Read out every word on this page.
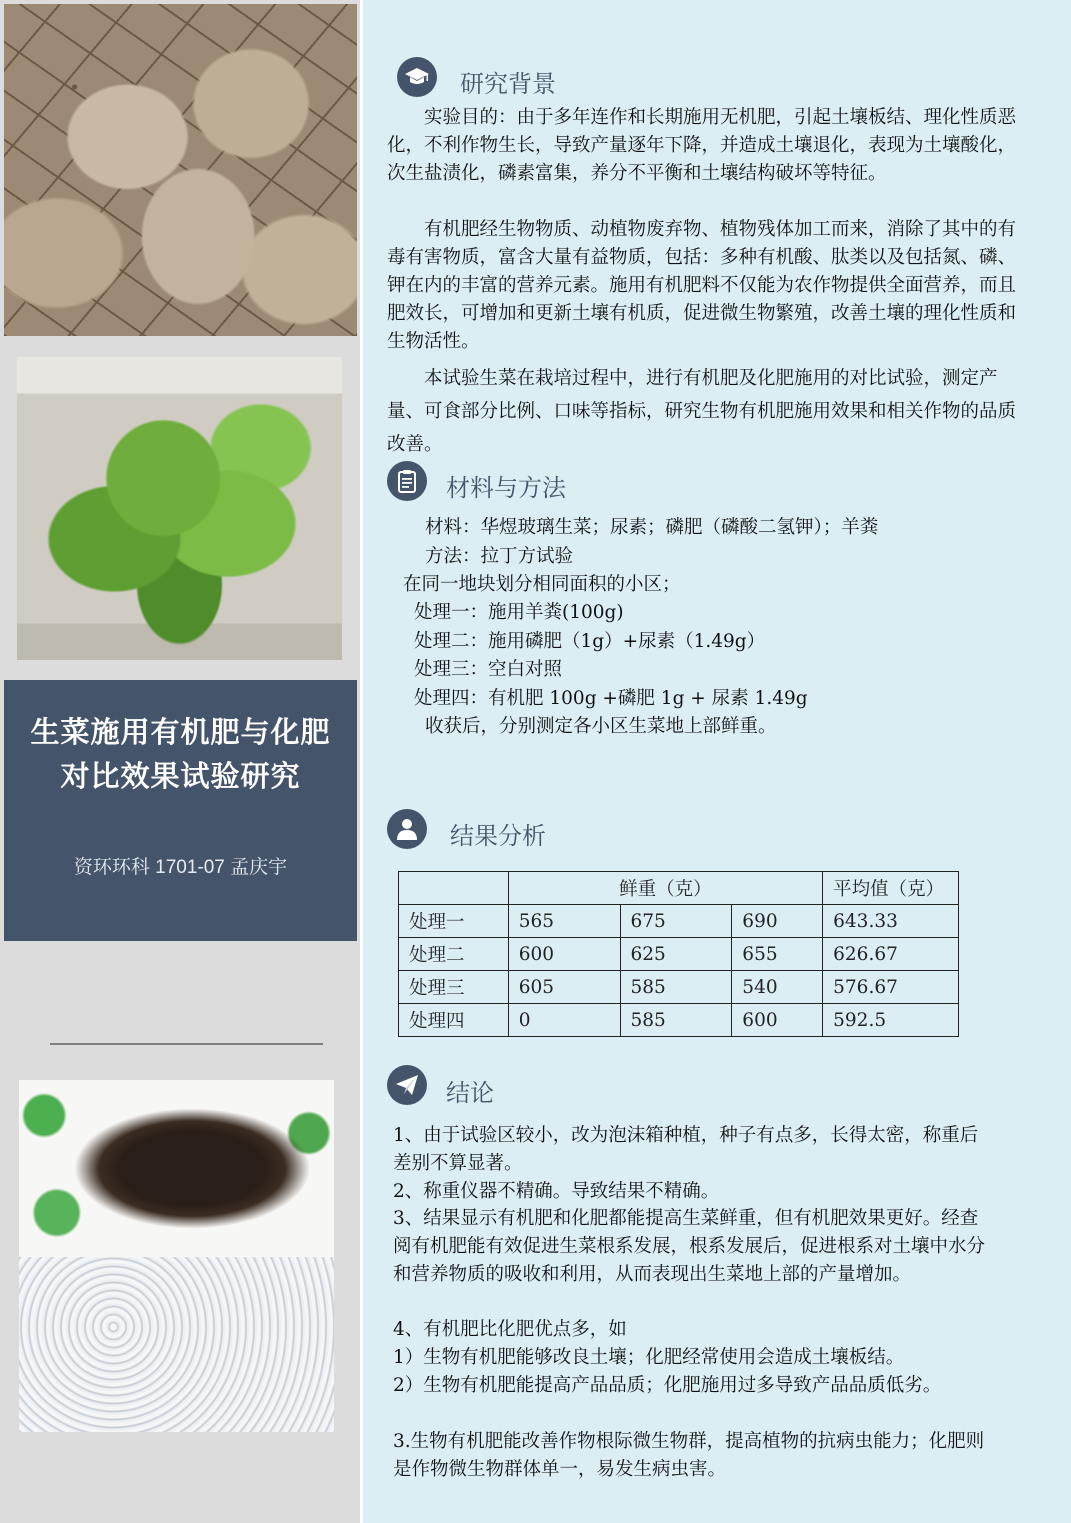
生菜施用有机肥与化肥
对比效果试验研究
资环环科 1701-07 孟庆宇
研究背景

实验目的：由于多年连作和长期施用无机肥，引起土壤板结、理化性质恶化，不利作物生长，导致产量逐年下降，并造成土壤退化，表现为土壤酸化，次生盐渍化，磷素富集，养分不平衡和土壤结构破坏等特征。

有机肥经生物物质、动植物废弃物、植物残体加工而来，消除了其中的有毒有害物质，富含大量有益物质，包括：多种有机酸、肽类以及包括氮、磷、钾在内的丰富的营养元素。施用有机肥料不仅能为农作物提供全面营养，而且肥效长，可增加和更新土壤有机质，促进微生物繁殖，改善土壤的理化性质和生物活性。

本试验生菜在栽培过程中，进行有机肥及化肥施用的对比试验，测定产量、可食部分比例、口味等指标，研究生物有机肥施用效果和相关作物的品质改善。

材料与方法
材料：华煜玻璃生菜；尿素；磷肥（磷酸二氢钾）；羊粪
方法：拉丁方试验
在同一地块划分相同面积的小区；
处理一：施用羊粪(100g)
处理二：施用磷肥（1g）+尿素（1.49g）
处理三：空白对照
处理四：有机肥 100g +磷肥 1g + 尿素 1.49g
收获后，分别测定各小区生菜地上部鲜重。
结果分析
	鲜重（克）			平均值（克）
处理一	565	675	690	643.33
处理二	600	625	655	626.67
处理三	605	585	540	576.67
处理四	0	585	600	592.5
结论

1、由于试验区较小，改为泡沫箱种植，种子有点多，长得太密，称重后差别不算显著。

2、称重仪器不精确。导致结果不精确。

3、结果显示有机肥和化肥都能提高生菜鲜重，但有机肥效果更好。经查阅有机肥能有效促进生菜根系发展，根系发展后，促进根系对土壤中水分和营养物质的吸收和利用，从而表现出生菜地上部的产量增加。

4、有机肥比化肥优点多，如

1）生物有机肥能够改良土壤；化肥经常使用会造成土壤板结。

2）生物有机肥能提高产品品质；化肥施用过多导致产品品质低劣。

3.生物有机肥能改善作物根际微生物群，提高植物的抗病虫能力；化肥则是作物微生物群体单一，易发生病虫害。
